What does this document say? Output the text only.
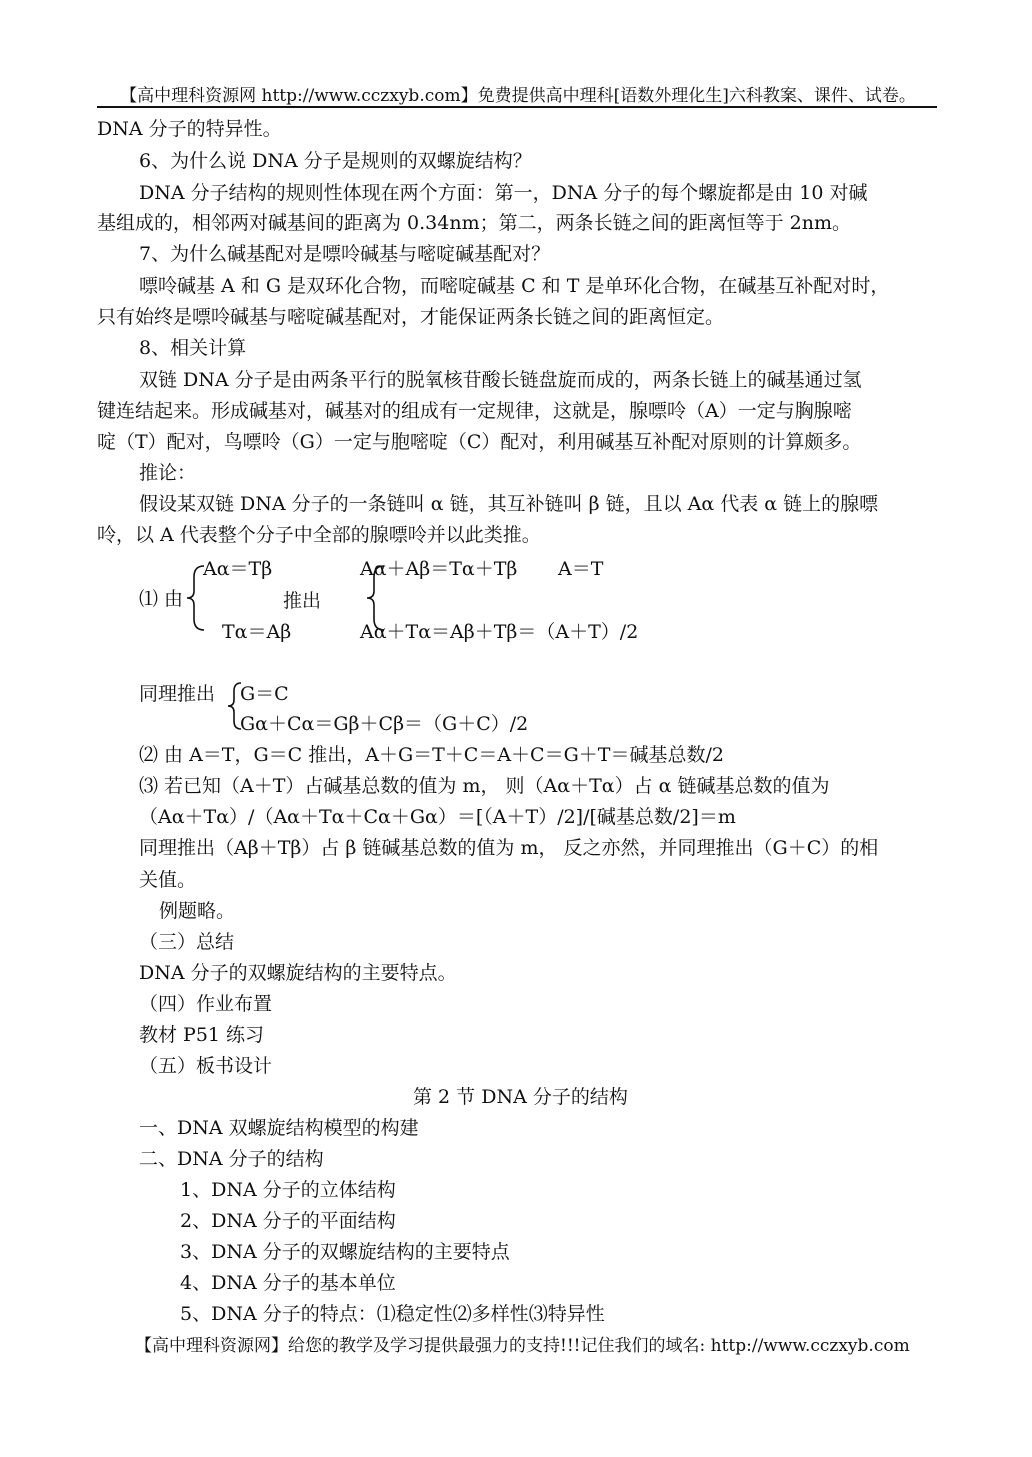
【高中理科资源网 http://www.cczxyb.com】免费提供高中理科[语数外理化生]六科教案、课件、试卷。
DNA 分子的特异性。
6、为什么说 DNA 分子是规则的双螺旋结构？
DNA 分子结构的规则性体现在两个方面：第一，DNA 分子的每个螺旋都是由 10 对碱
基组成的，相邻两对碱基间的距离为 0.34nm；第二，两条长链之间的距离恒等于 2nm。
7、为什么碱基配对是嘌呤碱基与嘧啶碱基配对？
嘌呤碱基 A 和 G 是双环化合物，而嘧啶碱基 C 和 T 是单环化合物，在碱基互补配对时，
只有始终是嘌呤碱基与嘧啶碱基配对，才能保证两条长链之间的距离恒定。
8、相关计算
双链 DNA 分子是由两条平行的脱氧核苷酸长链盘旋而成的，两条长链上的碱基通过氢
键连结起来。形成碱基对，碱基对的组成有一定规律，这就是，腺嘌呤（A）一定与胸腺嘧
啶（T）配对，鸟嘌呤（G）一定与胞嘧啶（C）配对，利用碱基互补配对原则的计算颇多。
推论：
假设某双链 DNA 分子的一条链叫 α 链，其互补链叫 β 链，且以 Aα 代表 α 链上的腺嘌
呤，以 A 代表整个分子中全部的腺嘌呤并以此类推。
⑴ 由
Aα＝Tβ
推出
Tα＝Aβ
Aα＋Aβ＝Tα＋Tβ A＝T
Aα＋Tα＝Aβ＋Tβ＝（A＋T）/2
同理推出 G＝C
Gα＋Cα＝Gβ＋Cβ＝（G＋C）/2
⑵ 由 A＝T，G＝C 推出，A＋G＝T＋C＝A＋C＝G＋T＝碱基总数/2
⑶ 若已知（A＋T）占碱基总数的值为 m， 则（Aα＋Tα）占 α 链碱基总数的值为
（Aα＋Tα）/（Aα＋Tα＋Cα＋Gα）＝[（A＋T）/2]/[碱基总数/2]＝m
同理推出（Aβ＋Tβ）占 β 链碱基总数的值为 m， 反之亦然，并同理推出（G＋C）的相
关值。
例题略。
（三）总结
DNA 分子的双螺旋结构的主要特点。
（四）作业布置
教材 P51 练习
（五）板书设计
第 2 节 DNA 分子的结构
一、DNA 双螺旋结构模型的构建
二、DNA 分子的结构
1、DNA 分子的立体结构
2、DNA 分子的平面结构
3、DNA 分子的双螺旋结构的主要特点
4、DNA 分子的基本单位
5、DNA 分子的特点：⑴稳定性⑵多样性⑶特异性
【高中理科资源网】给您的教学及学习提供最强力的支持!!!记住我们的域名: http://www.cczxyb.com
